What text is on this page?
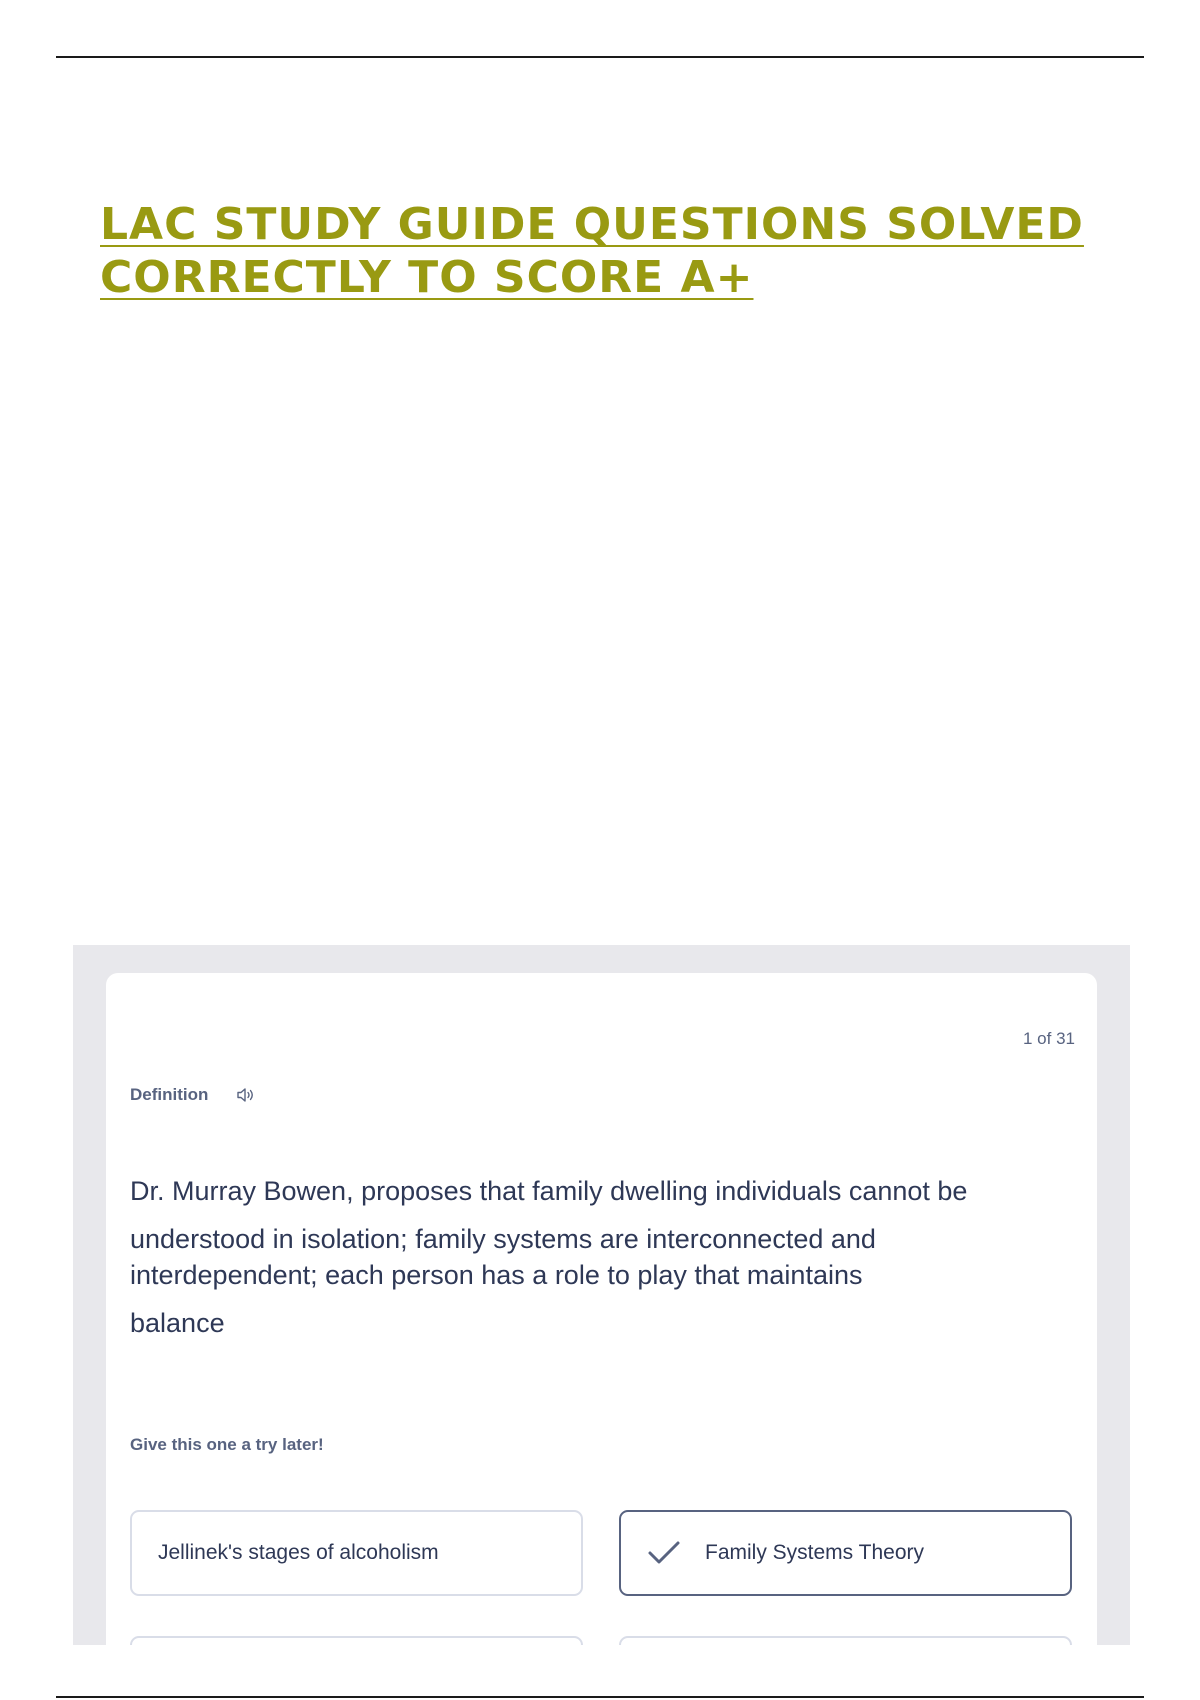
LAC STUDY GUIDE QUESTIONS SOLVED
CORRECTLY TO SCORE A+
1 of 31
Definition
Dr. Murray Bowen, proposes that family dwelling individuals cannot be
understood in isolation; family systems are interconnected and
interdependent; each person has a role to play that maintains
balance
Give this one a try later!
Jellinek's stages of alcoholism	Family Systems Theory
